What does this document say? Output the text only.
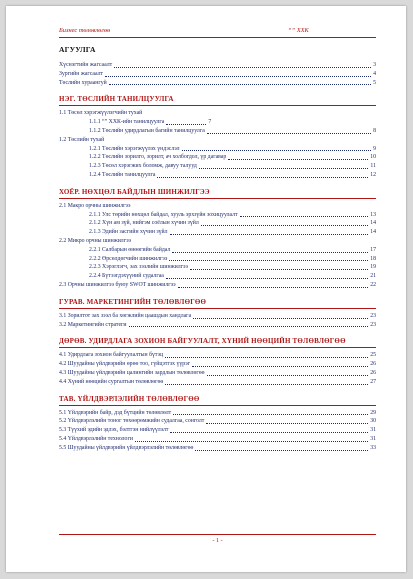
Бизнес төлөвлөгөө	“” ХХК
АГУУЛГА
Хүснэгтийн жагсаалт	3
Зургийн жагсаалт	4
Төслийн хураангуй	5
НЭГ. ТӨСЛИЙН ТАНИЛЦУУЛГА
1.1 Төсөл хэрэгжүүлэгчийн тухай
1.1.1 “” ХХК-ийн танилцуулга	7
1.1.2 Төслийн удирдлагын багийн танилцуулга	8
1.2 Төслийн тухай
1.2.1 Төслийн хэрэгжүүлэх үндэслэл	9
1.2.2 Төслийн зорилго, зорилт, ач холбогдол, үр дагавар	10
1.2.3 Төсөл хэрэгжих боломж, давуу талууд	11
1.2.4 Төслийн танилцуулга	12
ХОЁР. НӨХЦӨЛ БАЙДЛЫН ШИНЖИЛГЭЭ
2.1 Макро орчны шинжилгээ
2.1.1 Улс төрийн нөхцөл байдал, хууль эрхзүйн зохицуулалт	13
2.1.2 Хүн ам зүй, нийгэм соёлын хүчин зүйл	14
2.1.3 Эдийн засгийн хүчин зүйл	14
2.2 Микро орчны шинжилгээ
2.2.1 Салбарын өнөөгийн байдал	17
2.2.2 Өрсөлдөгчийн шинжилгээ	18
2.2.3 Хэрэглэгч, зах зээлийн шинжилгээ	19
2.2.4 Бүтээгдэхүүний судалгаа	21
2.3 Орчны шинжилгээ буюу SWOT шинжилгээ	22
ГУРАВ. МАРКЕТИНГИЙН ТӨЛӨВЛӨГӨӨ
3.1 Зорилтот зах зээл ба хөгжлийн цаашдын хандлага	23
3.2 Маркетингийн стратеги	23
ДӨРӨВ. УДИРДЛАГА ЗОХИОН БАЙГУУЛАЛТ, ХҮНИЙ НӨӨЦИЙН ТӨЛӨВЛӨГӨӨ
4.1 Удирдлагa зохион байгуулалтын бүтэц	25
4.2 Шуудайны үйлдвэрийн өрөө тоо, гүйцэтгэх үүрэг	26
4.3 Шуудайны үйлдвэрийн цалингийн зардлын төлөвлөгөө	26
4.4 Хүний нөөцийн сургалтын төлөвлөгөө	27
ТАВ. ҮЙЛДВЭРЛЭЛИЙН ТӨЛӨВЛӨГӨӨ
5.1 Үйлдвэрийн байр, дэд бүтцийн төлөвлөлт	29
5.2 Үйлдвэрлэлийн тоног төхөөрөмжийн судалгаа, сонголт	30
5.3 Түүхий эдийн эдлэх, бэлтгэн нийлүүлэлт	31
5.4 Үйлдвэрлэлийн технологи	31
5.5 Шуудайны үйлдвэрийн үйлдвэрлэлийн төлөвлөгөө	33
- 1 -
